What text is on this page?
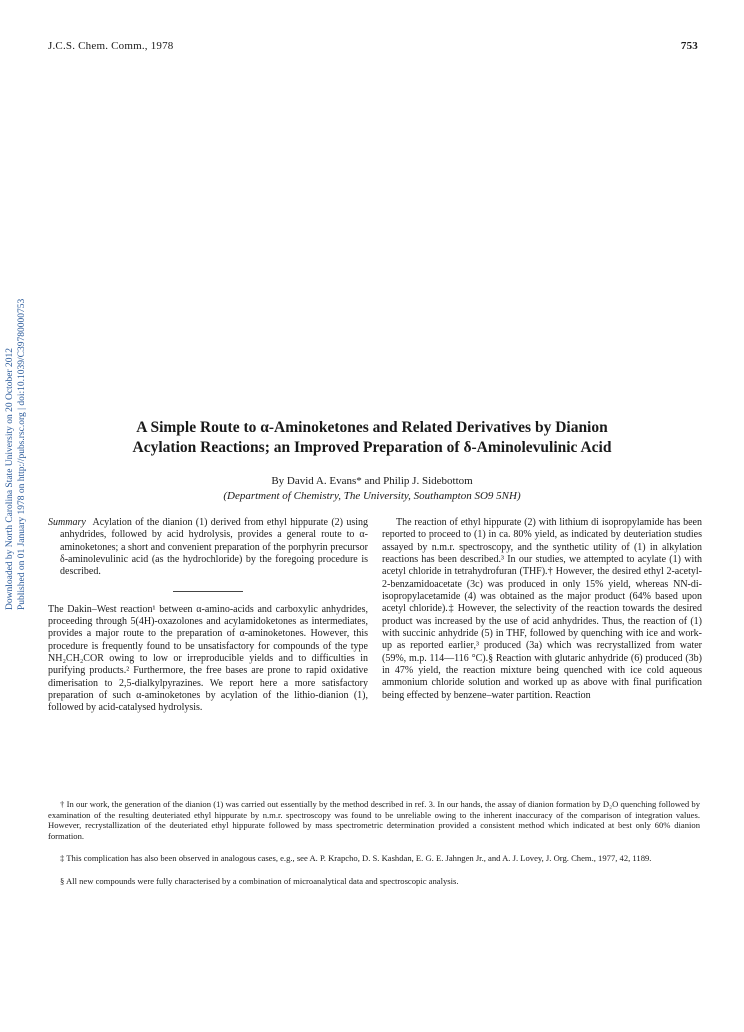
J.C.S. Chem. Comm., 1978	753
Downloaded by North Carolina State University on 20 October 2012 Published on 01 January 1978 on http://pubs.rsc.org | doi:10.1039/C39780000753	A Simple Route to α-Aminoketones and Related Derivatives by Dianion
Acylation Reactions; an Improved Preparation of δ-Aminolevulinic Acid
By David A. Evans* and Philip J. Sidebottom
(Department of Chemistry, The University, Southampton SO9 5NH)

Summary Acylation of the dianion (1) derived from ethyl hippurate (2) using anhydrides, followed by acid hydrolysis, provides a general route to α-aminoketones; a short and convenient preparation of the porphyrin precursor δ-aminolevulinic acid (as the hydrochloride) by the foregoing procedure is described.

The Dakin–West reaction¹ between α-amino-acids and carboxylic anhydrides, proceeding through 5(4H)-oxazolones and acylamidoketones as intermediates, provides a major route to the preparation of α-aminoketones. However, this procedure is frequently found to be unsatisfactory for compounds of the type NH₂CH₂COR owing to low or irreproducible yields and to difficulties in purifying products.² Furthermore, the free bases are prone to rapid oxidative dimerisation to 2,5-dialkylpyrazines. We report here a more satisfactory preparation of such α-aminoketones by acylation of the lithio-dianion (1), followed by acid-catalysed hydrolysis.

The reaction of ethyl hippurate (2) with lithium di isopropylamide has been reported to proceed to (1) in ca. 80% yield, as indicated by deuteriation studies assayed by n.m.r. spectroscopy, and the synthetic utility of (1) in alkylation reactions has been described.³ In our studies, we attempted to acylate (1) with acetyl chloride in tetrahydrofuran (THF).† However, the desired ethyl 2-acetyl-2-benzamidoacetate (3c) was produced in only 15% yield, whereas NN-di-isopropylacetamide (4) was obtained as the major product (64% based upon acetyl chloride).‡ However, the selectivity of the reaction towards the desired product was increased by the use of acid anhydrides. Thus, the reaction of (1) with succinic anhydride (5) in THF, followed by quenching with ice and work-up as reported earlier,³ produced (3a) which was recrystallized from water (59%, m.p. 114—116 °C).§ Reaction with glutaric anhydride (6) produced (3b) in 47% yield, the reaction mixture being quenched with ice cold aqueous ammonium chloride solution and worked up as above with final purification being effected by benzene–water partition. Reaction

† In our work, the generation of the dianion (1) was carried out essentially by the method described in ref. 3. In our hands, the assay of dianion formation by D₂O quenching followed by examination of the resulting deuteriated ethyl hippurate by n.m.r. spectroscopy was found to be unreliable owing to the inherent inaccuracy of the comparison of integration values. However, recrystallization of the deuteriated ethyl hippurate followed by mass spectrometric determination provided a consistent method which indicated at best only 60% dianion formation.

‡ This complication has also been observed in analogous cases, e.g., see A. P. Krapcho, D. S. Kashdan, E. G. E. Jahngen Jr., and A. J. Lovey, J. Org. Chem., 1977, 42, 1189.

§ All new compounds were fully characterised by a combination of microanalytical data and spectroscopic analysis.
